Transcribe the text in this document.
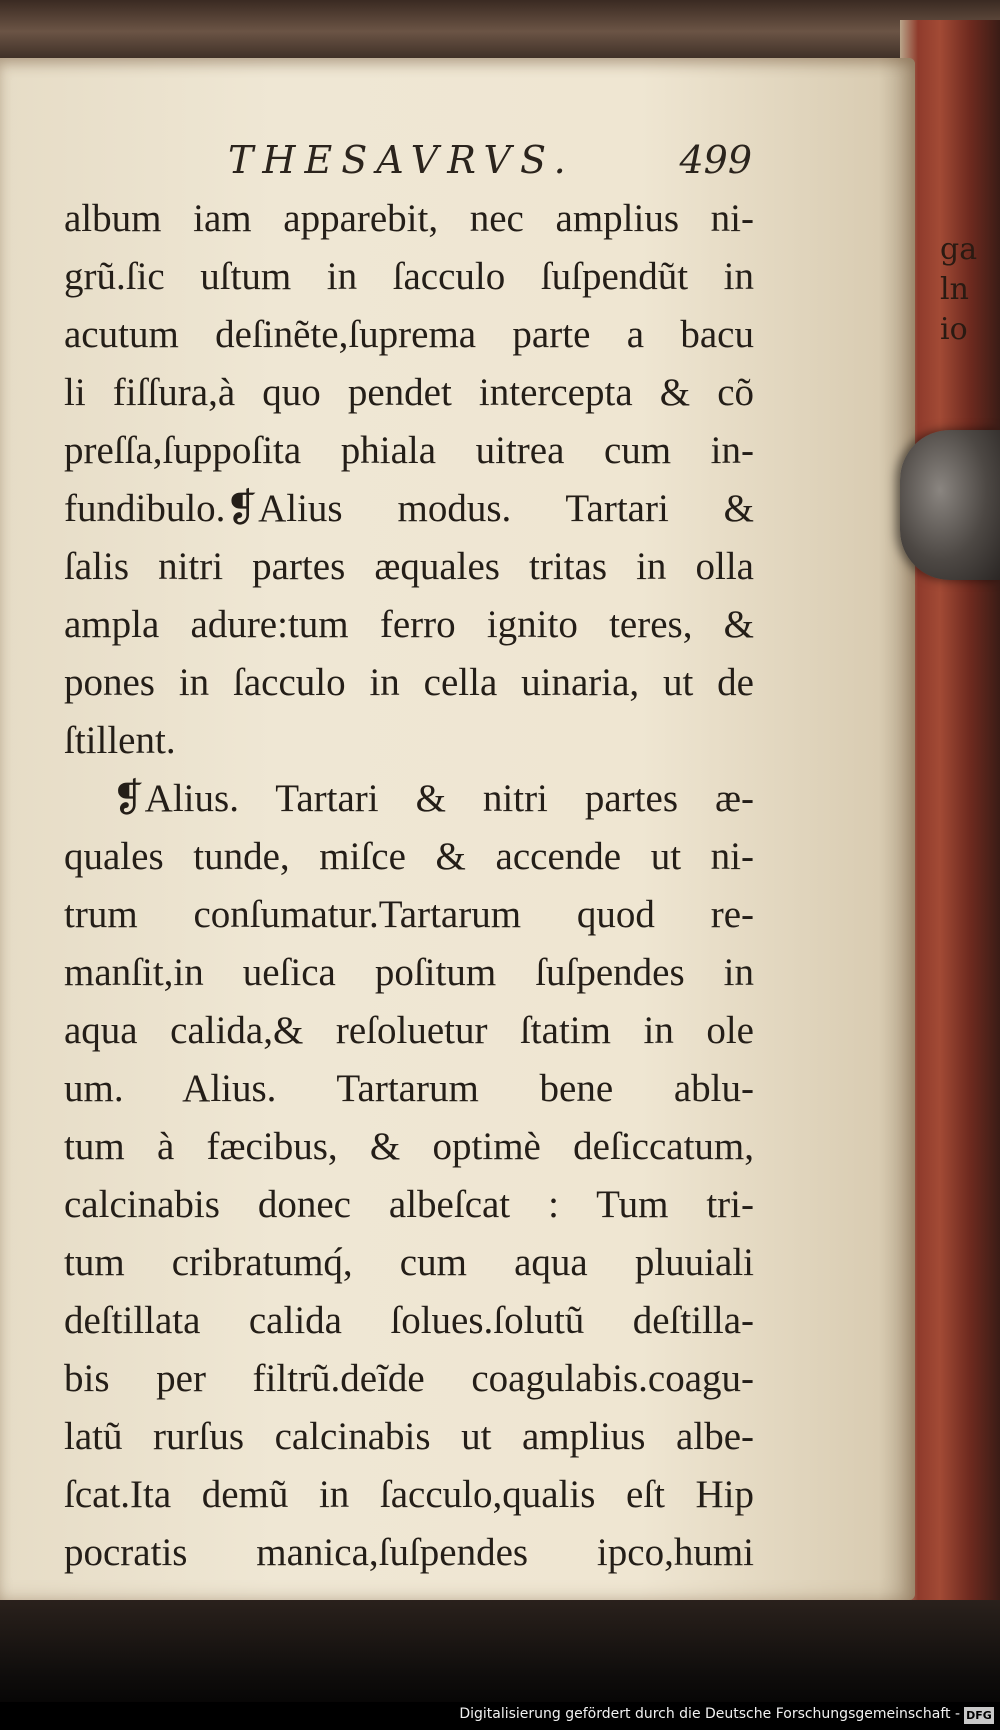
ga
ln
io
THESAVRVS.	499
album iam apparebit, nec amplius ni-
grũ.ſic uſtum in ſacculo ſuſpendũt in
acutum deſinẽte,ſuprema parte a bacu
li fiſſura,à quo pendet intercepta & cõ
preſſa,ſuppoſita phiala uitrea cum in-
fundibulo.❡Alius modus. Tartari &
ſalis nitri partes æquales tritas in olla
ampla adure:tum ferro ignito teres, &
pones in ſacculo in cella uinaria, ut de
ſtillent.
❡Alius. Tartari & nitri partes æ-
quales tunde, miſce & accende ut ni-
trum conſumatur.Tartarum quod re-
manſit,in ueſica poſitum ſuſpendes in
aqua calida,& reſoluetur ſtatim in ole
um. Alius. Tartarum bene ablu-
tum à fæcibus, & optimè deſiccatum,
calcinabis donec albeſcat : Tum tri-
tum cribratumq́, cum aqua pluuiali
deſtillata calida ſolues.ſolutũ deſtilla-
bis per filtrũ.deĩde coagulabis.coagu-
latũ rurſus calcinabis ut amplius albe-
ſcat.Ita demũ in ſacculo,qualis eſt Hip
pocratis manica,ſuſpendes ipco,humi
Digitalisierung gefördert durch die Deutsche Forschungsgemeinschaft - DFG
